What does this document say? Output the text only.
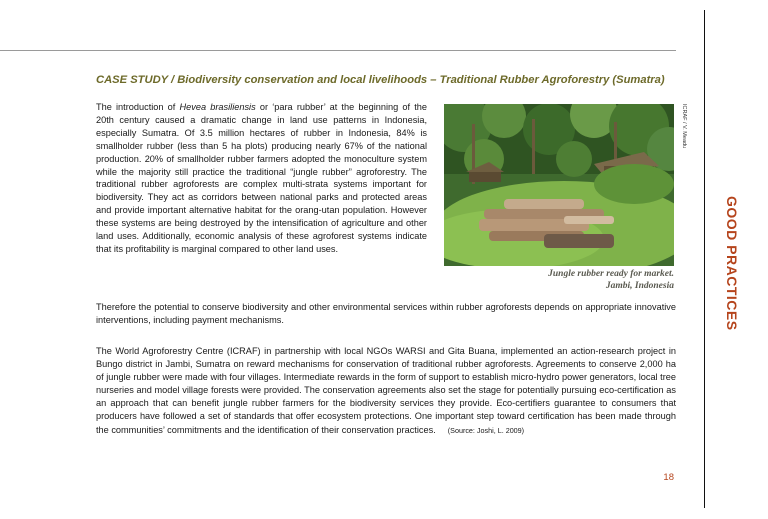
GOOD PRACTICES
CASE STUDY / Biodiversity conservation and local livelihoods – Traditional Rubber Agroforestry (Sumatra)
The introduction of Hevea brasiliensis or ‘para rubber’ at the beginning of the 20th century caused a dramatic change in land use patterns in Indonesia, especially Sumatra. Of 3.5 million hectares of rubber in Indonesia, 84% is smallholder rubber (less than 5 ha plots) producing nearly 67% of the national production. 20% of smallholder rubber farmers adopted the monoculture system while the majority still practice the traditional “jungle rubber” agroforestry. The traditional rubber agroforests are complex multi-strata systems important for biodiversity. They act as corridors between national parks and protected areas and provide important alternative habitat for the orang-utan population. However these systems are being destroyed by the intensification of agriculture and other land uses. Additionally, economic analysis of these agroforest systems indicate that its profitability is marginal compared to other land uses.
Therefore the potential to conserve biodiversity and other environmental services within rubber agroforests depends on appropriate innovative interventions, including payment mechanisms.
ICRAF / V. Meadu
Jungle rubber ready for market.
Jambi, Indonesia
The World Agroforestry Centre (ICRAF) in partnership with local NGOs WARSI and Gita Buana, implemented an action-research project in Bungo district in Jambi, Sumatra on reward mechanisms for conservation of traditional rubber agroforests. Agreements to conserve 2,000 ha of jungle rubber were made with four villages. Intermediate rewards in the form of support to establish micro-hydro power generators, local tree nurseries and model village forests were provided. The conservation agreements also set the stage for potentially pursuing eco-certification as an approach that can benefit jungle rubber farmers for the biodiversity services they provide. Eco-certifiers guarantee to consumers that producers have followed a set of standards that offer ecosystem protections. One important step toward certification has been made through the communities’ commitments and the identification of their conservation practices. (Source: Joshi, L. 2009)
18
